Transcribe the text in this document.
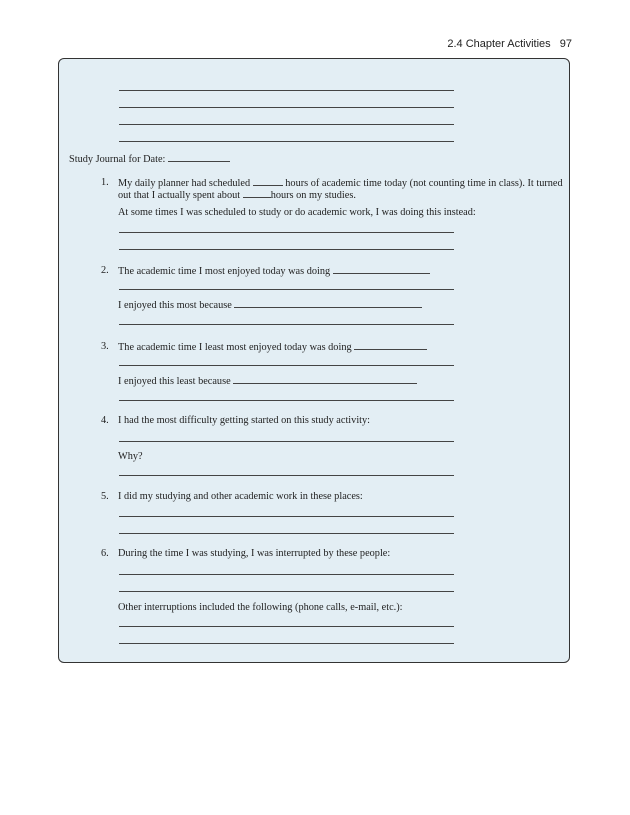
2.4 Chapter Activities 97
Study Journal for Date:
1. My daily planner had scheduled	hours of academic time today (not counting time in class). It turned
out that I actually spent about	hours on my studies.
At some times I was scheduled to study or do academic work, I was doing this instead:
2. The academic time I most enjoyed today was doing
I enjoyed this most because
3. The academic time I least most enjoyed today was doing
I enjoyed this least because
4. I had the most difficulty getting started on this study activity:
Why?
5. I did my studying and other academic work in these places:
6. During the time I was studying, I was interrupted by these people:
Other interruptions included the following (phone calls, e-mail, etc.):
